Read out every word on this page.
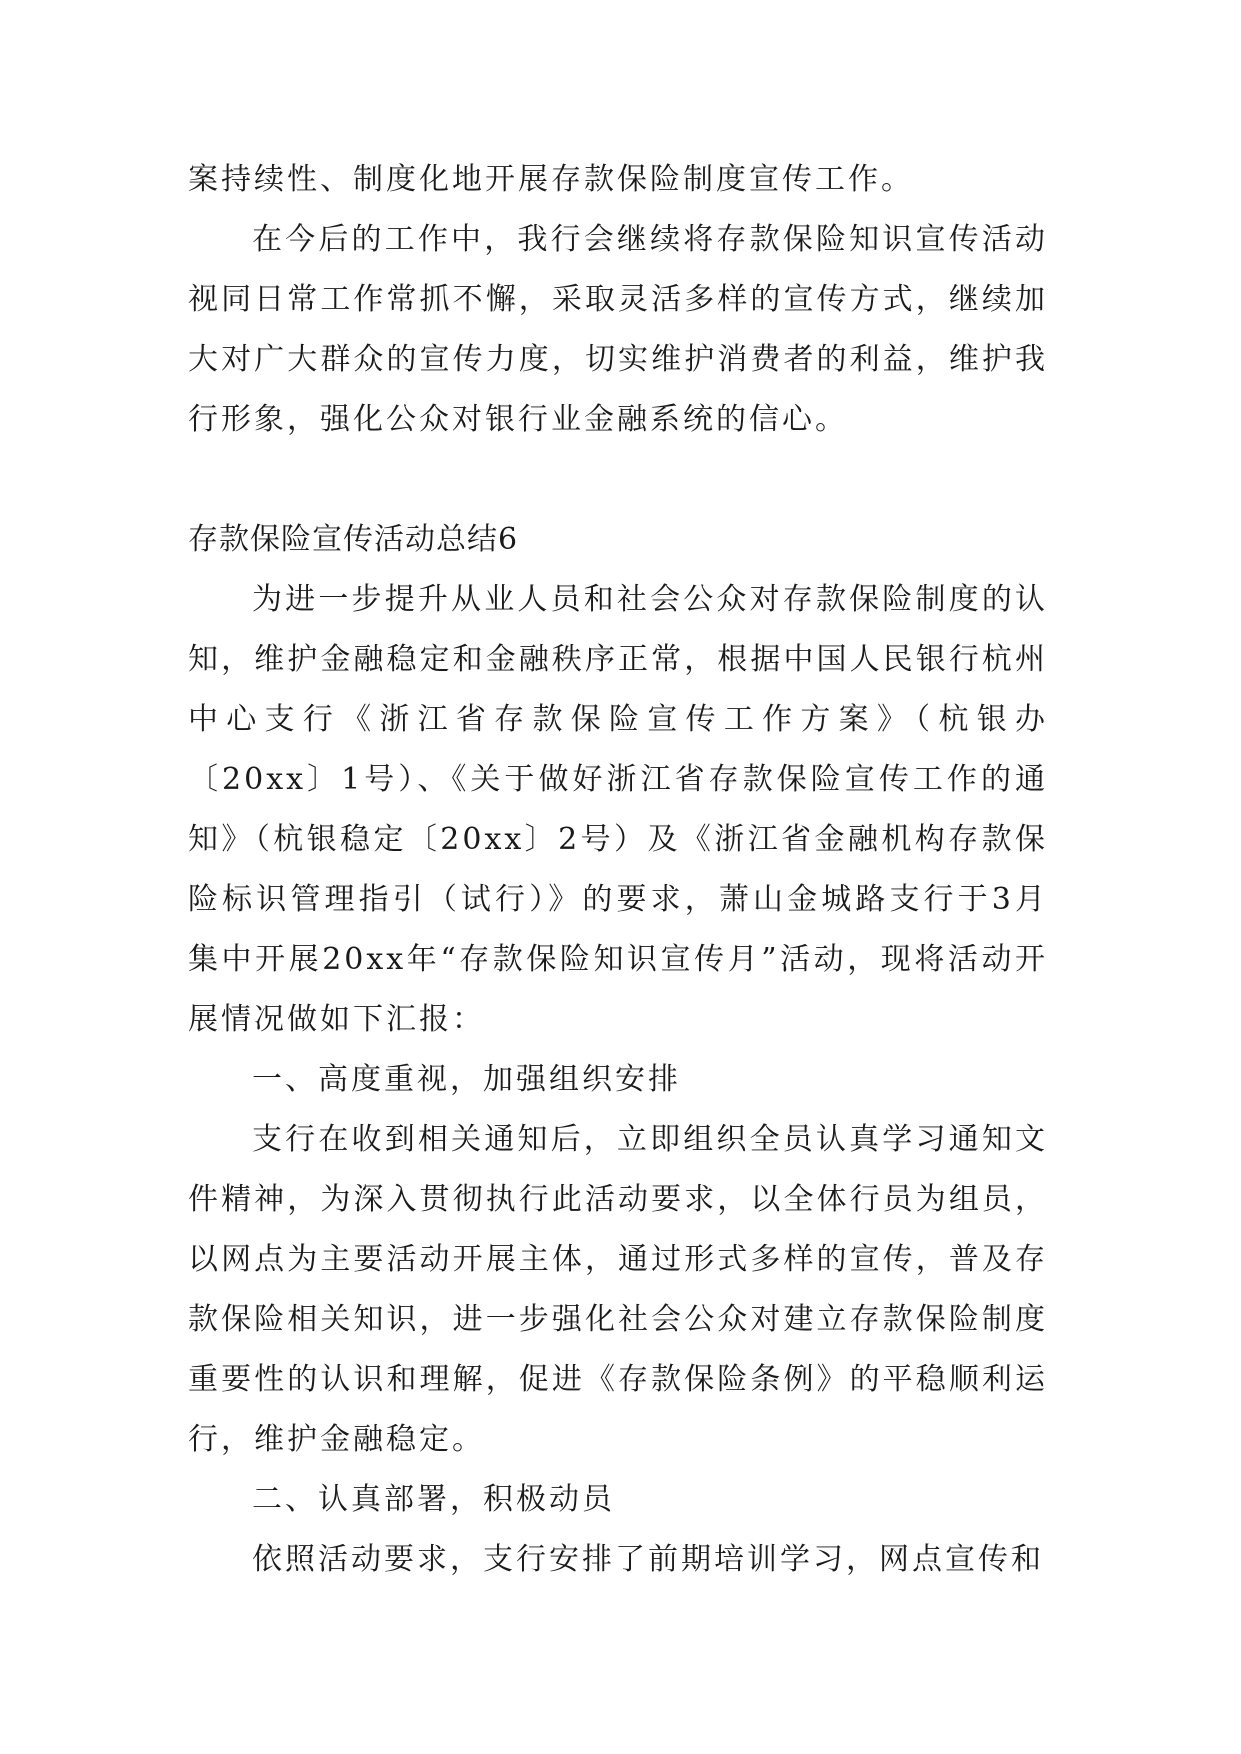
案持续性、制度化地开展存款保险制度宣传工作。

在今后的工作中，我行会继续将存款保险知识宣传活动视同日常工作常抓不懈，采取灵活多样的宣传方式，继续加大对广大群众的宣传力度，切实维护消费者的利益，维护我行形象，强化公众对银行业金融系统的信心。

存款保险宣传活动总结6

为进一步提升从业人员和社会公众对存款保险制度的认知，维护金融稳定和金融秩序正常，根据中国人民银行杭州中心支行《浙江省存款保险宣传工作方案》（杭银办〔20xx〕1号）、《关于做好浙江省存款保险宣传工作的通知》（杭银稳定〔20xx〕2号）及《浙江省金融机构存款保险标识管理指引（试行）》的要求，萧山金城路支行于3月集中开展20xx年“存款保险知识宣传月”活动，现将活动开展情况做如下汇报：

一、高度重视，加强组织安排

支行在收到相关通知后，立即组织全员认真学习通知文件精神，为深入贯彻执行此活动要求，以全体行员为组员，以网点为主要活动开展主体，通过形式多样的宣传，普及存款保险相关知识，进一步强化社会公众对建立存款保险制度重要性的认识和理解，促进《存款保险条例》的平稳顺利运行，维护金融稳定。

二、认真部署，积极动员

依照活动要求，支行安排了前期培训学习，网点宣传和
